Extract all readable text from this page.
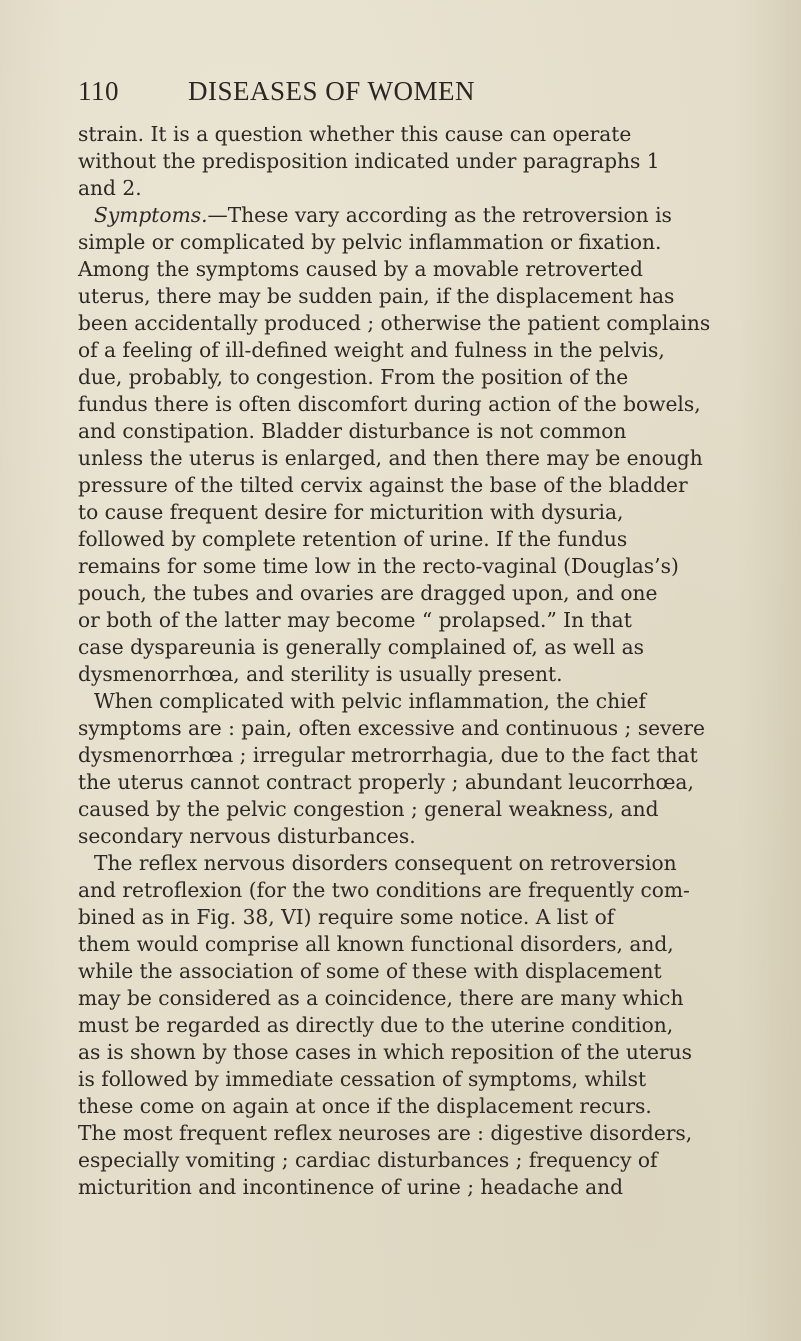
110	DISEASES OF WOMEN
strain. It is a question whether this cause can operate
without the predisposition indicated under paragraphs 1
and 2.
Symptoms.—These vary according as the retroversion is
simple or complicated by pelvic inflammation or fixation.
Among the symptoms caused by a movable retroverted
uterus, there may be sudden pain, if the displacement has
been accidentally produced ; otherwise the patient complains
of a feeling of ill-defined weight and fulness in the pelvis,
due, probably, to congestion. From the position of the
fundus there is often discomfort during action of the bowels,
and constipation. Bladder disturbance is not common
unless the uterus is enlarged, and then there may be enough
pressure of the tilted cervix against the base of the bladder
to cause frequent desire for micturition with dysuria,
followed by complete retention of urine. If the fundus
remains for some time low in the recto-vaginal (Douglas’s)
pouch, the tubes and ovaries are dragged upon, and one
or both of the latter may become “ prolapsed.” In that
case dyspareunia is generally complained of, as well as
dysmenorrhœa, and sterility is usually present.
When complicated with pelvic inflammation, the chief
symptoms are : pain, often excessive and continuous ; severe
dysmenorrhœa ; irregular metrorrhagia, due to the fact that
the uterus cannot contract properly ; abundant leucorrhœa,
caused by the pelvic congestion ; general weakness, and
secondary nervous disturbances.
The reflex nervous disorders consequent on retroversion
and retroflexion (for the two conditions are frequently com-
bined as in Fig. 38, VI) require some notice. A list of
them would comprise all known functional disorders, and,
while the association of some of these with displacement
may be considered as a coincidence, there are many which
must be regarded as directly due to the uterine condition,
as is shown by those cases in which reposition of the uterus
is followed by immediate cessation of symptoms, whilst
these come on again at once if the displacement recurs.
The most frequent reflex neuroses are : digestive disorders,
especially vomiting ; cardiac disturbances ; frequency of
micturition and incontinence of urine ; headache and
